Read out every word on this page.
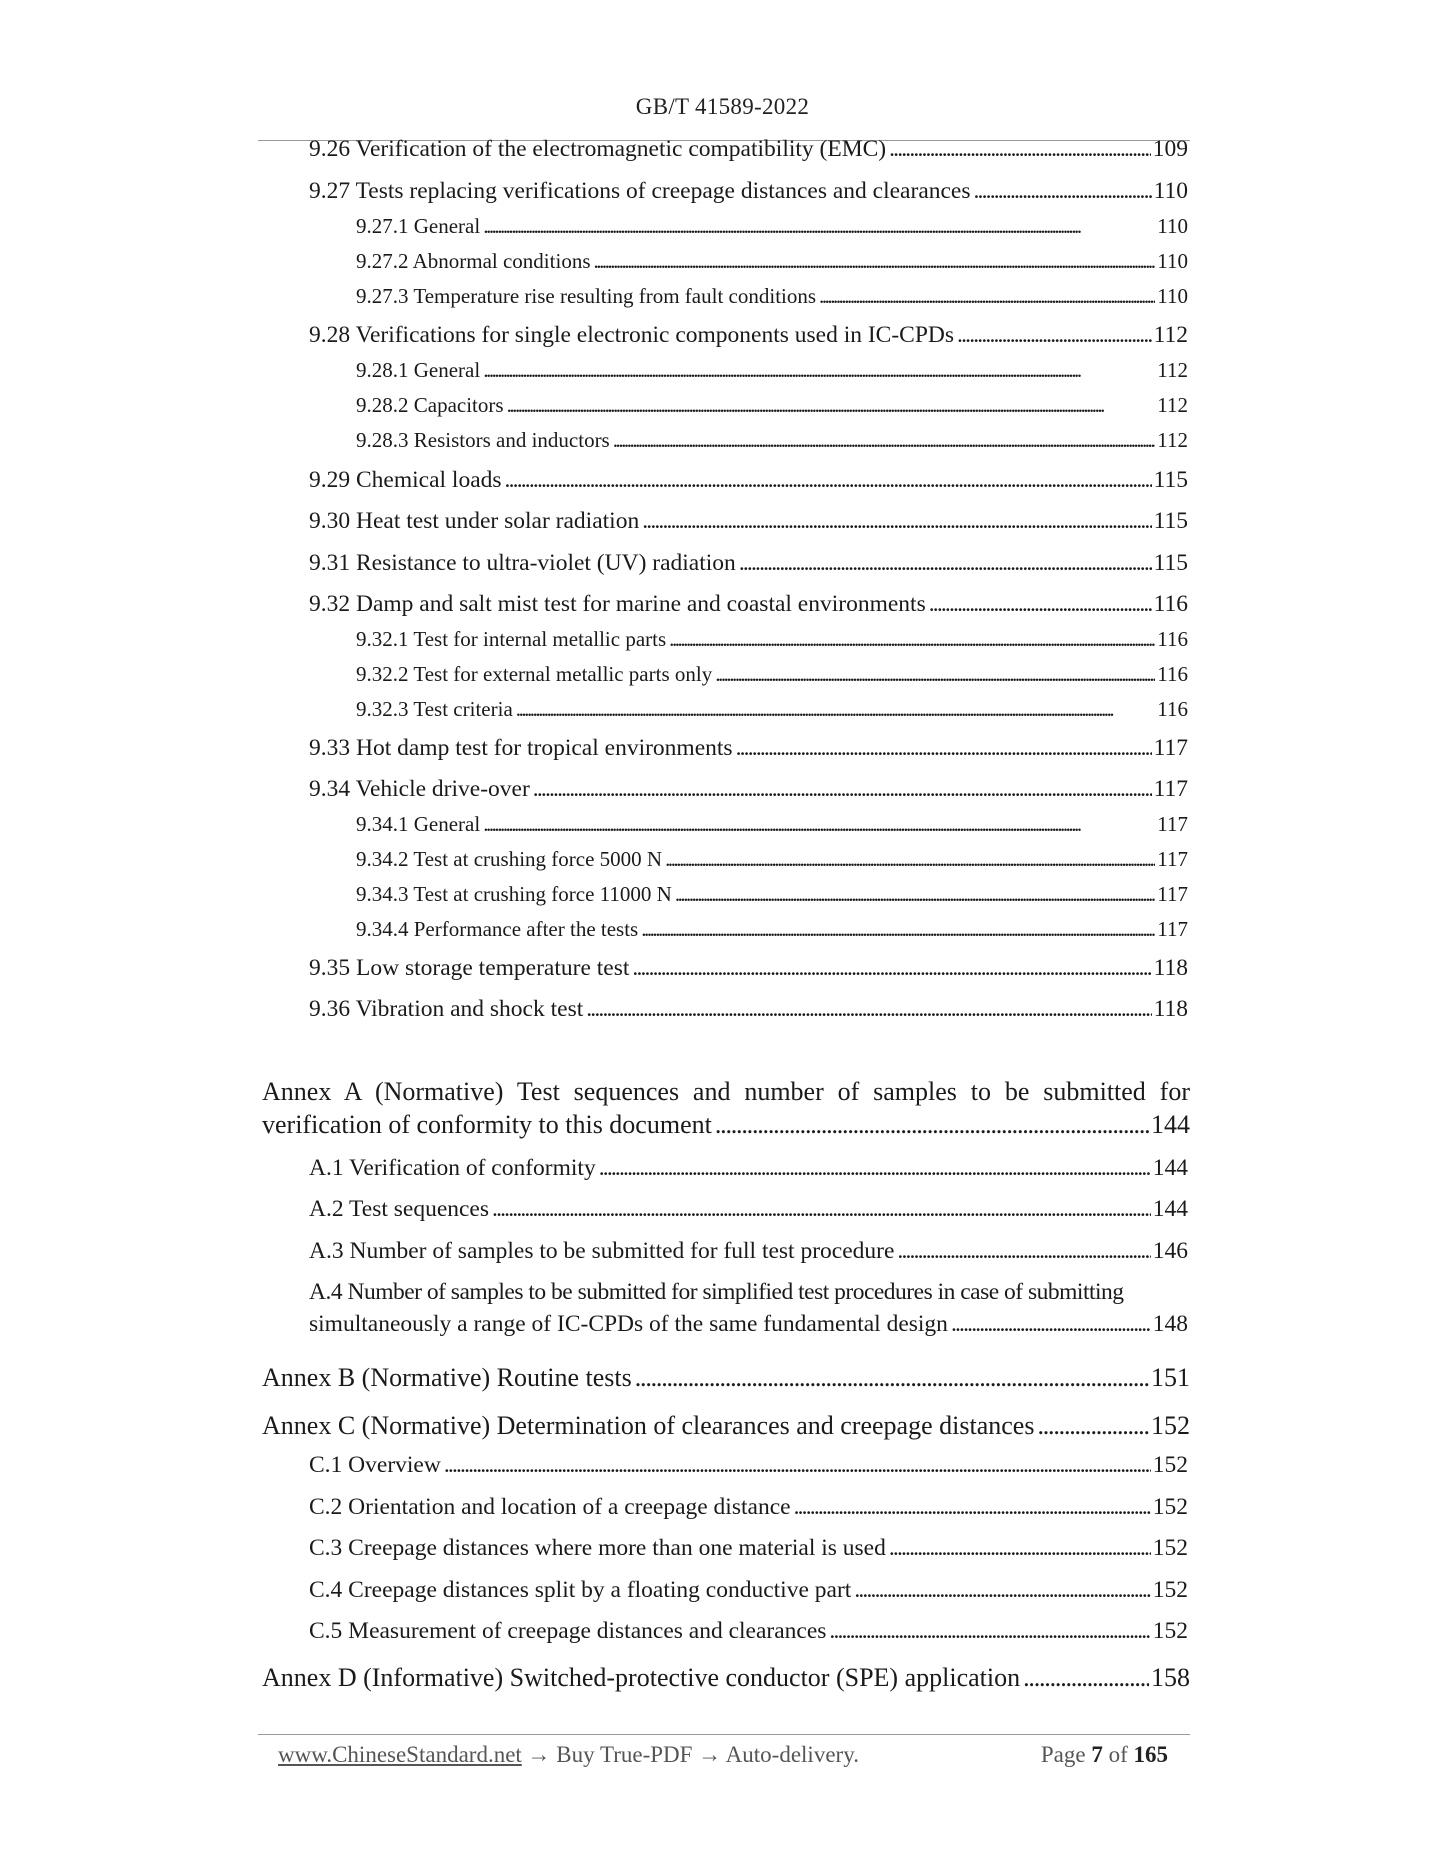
GB/T 41589-2022
9.26 Verification of the electromagnetic compatibility (EMC) . . .	109
9.27 Tests replacing verifications of creepage distances and clearances . . .	110
9.27.1 General . . .	110
9.27.2 Abnormal conditions . . .	110
9.27.3 Temperature rise resulting from fault conditions . . .	110
9.28 Verifications for single electronic components used in IC-CPDs . . .	112
9.28.1 General . . .	112
9.28.2 Capacitors . . .	112
9.28.3 Resistors and inductors . . .	112
9.29 Chemical loads . . .	115
9.30 Heat test under solar radiation . . .	115
9.31 Resistance to ultra-violet (UV) radiation . . .	115
9.32 Damp and salt mist test for marine and coastal environments . . .	116
9.32.1 Test for internal metallic parts . . .	116
9.32.2 Test for external metallic parts only . . .	116
9.32.3 Test criteria . . .	116
9.33 Hot damp test for tropical environments . . .	117
9.34 Vehicle drive-over . . .	117
9.34.1 General . . .	117
9.34.2 Test at crushing force 5000 N . . .	117
9.34.3 Test at crushing force 11000 N . . .	117
9.34.4 Performance after the tests . . .	117
9.35 Low storage temperature test . . .	118
9.36 Vibration and shock test . . .	118
Annex A (Normative) Test sequences and number of samples to be submitted for
verification of conformity to this document . . .	144
A.1 Verification of conformity . . .	144
A.2 Test sequences . . .	144
A.3 Number of samples to be submitted for full test procedure . . .	146
A.4 Number of samples to be submitted for simplified test procedures in case of submitting
simultaneously a range of IC-CPDs of the same fundamental design . . .	148
Annex B (Normative) Routine tests . . .	151
Annex C (Normative) Determination of clearances and creepage distances . . .	152
C.1 Overview . . .	152
C.2 Orientation and location of a creepage distance . . .	152
C.3 Creepage distances where more than one material is used . . .	152
C.4 Creepage distances split by a floating conductive part . . .	152
C.5 Measurement of creepage distances and clearances . . .	152
Annex D (Informative) Switched-protective conductor (SPE) application . . .	158
www.ChineseStandard.net → Buy True-PDF → Auto-delivery.	Page 7 of 165
